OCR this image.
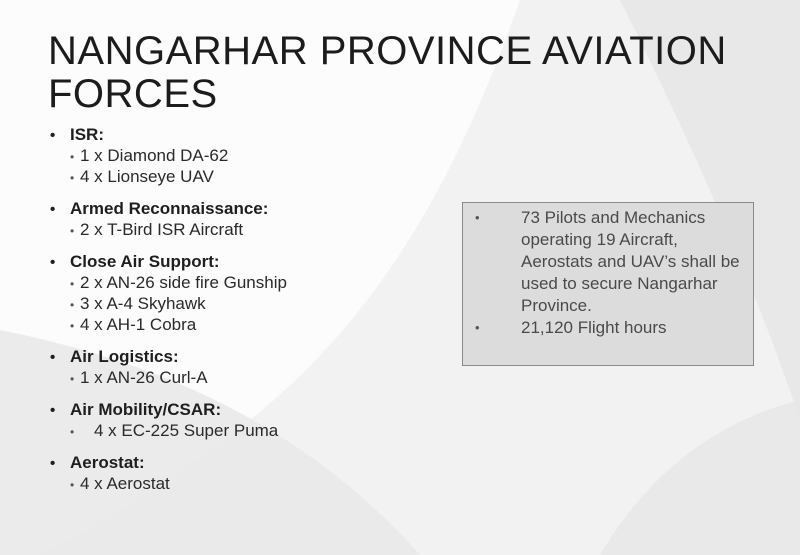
NANGARHAR PROVINCE AVIATION FORCES
• ISR:
• 1 x Diamond DA-62
• 4 x Lionseye UAV
• Armed Reconnaissance:
• 2 x T-Bird ISR Aircraft
• Close Air Support:
• 2 x AN-26 side fire Gunship
• 3 x A-4 Skyhawk
• 4 x AH-1 Cobra
• Air Logistics:
• 1 x AN-26 Curl-A
• Air Mobility/CSAR:
•	4 x EC-225 Super Puma
• Aerostat:
• 4 x Aerostat
•	73 Pilots and Mechanics operating 19 Aircraft, Aerostats and UAV’s shall be used to secure Nangarhar Province.
•	21,120 Flight hours
